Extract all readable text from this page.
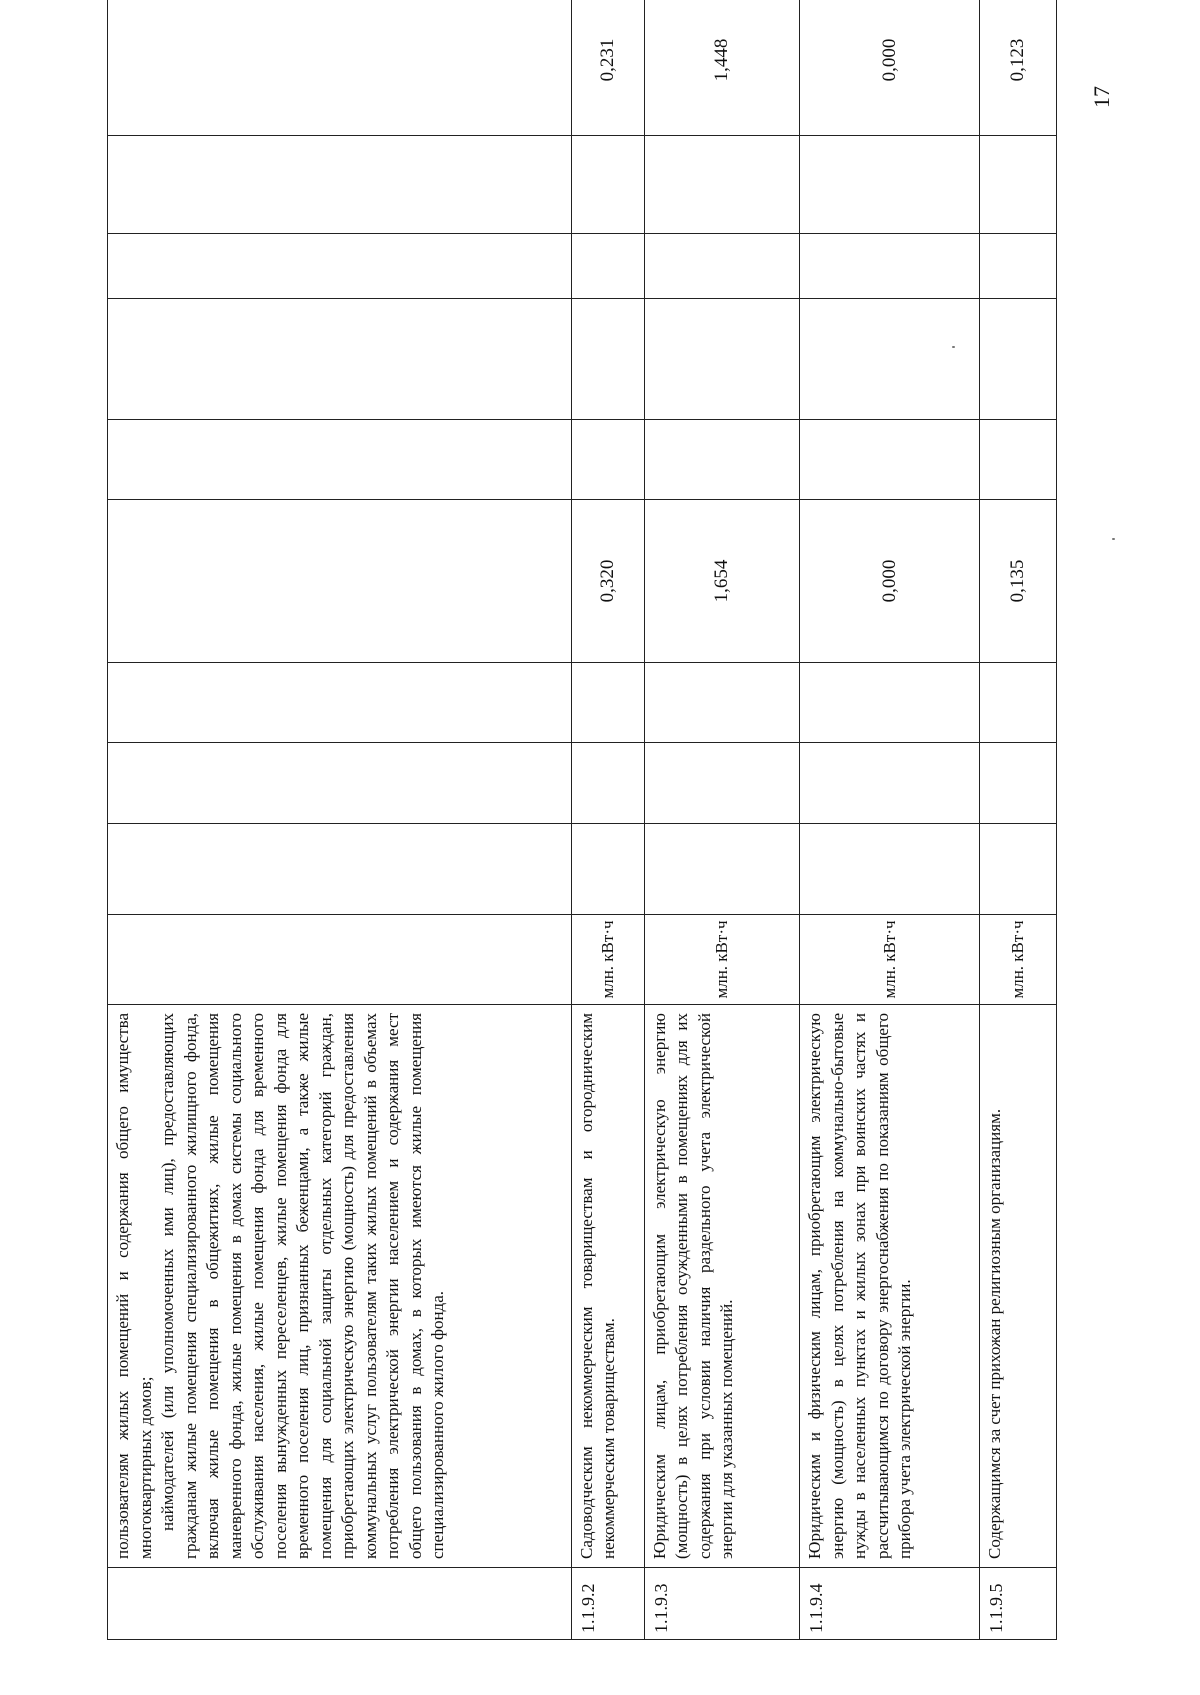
17

	пользователям жилых помещений и содержания общего имущества многоквартирных домов; наймодателей (или уполномоченных ими лиц), предоставляющих гражданам жилые помещения специализированного жилищного фонда, включая жилые помещения в общежитиях, жилые помещения маневренного фонда, жилые помещения в домах системы социального обслуживания населения, жилые помещения фонда для временного поселения вынужденных переселенцев, жилые помещения фонда для временного поселения лиц, признанных беженцами, а также жилые помещения для социальной защиты отдельных категорий граждан, приобретающих электрическую энергию (мощность) для предоставления коммунальных услуг пользователям таких жилых помещений в объемах потребления электрической энергии населением и содержания мест общего пользования в домах, в которых имеются жилые помещения специализированного жилого фонда.										

1.1.9.2	Садоводческим некоммерческим товариществам и огородническим некоммерческим товариществам.	млн. кВт·ч				0,320					0,231
1.1.9.3	Юридическим лицам, приобретающим электрическую энергию (мощность) в целях потребления осужденными в помещениях для их содержания при условии наличия раздельного учета электрической энергии для указанных помещений.	млн. кВт·ч				1,654					1,448
1.1.9.4	Юридическим и физическим лицам, приобретающим электрическую энергию (мощность) в целях потребления на коммунально-бытовые нужды в населенных пунктах и жилых зонах при воинских частях и рассчитывающимся по договору энергоснабжения по показаниям общего прибора учета электрической энергии.	млн. кВт·ч				0,000					0,000
1.1.9.5	Содержащимся за счет прихожан религиозным организациям.	млн. кВт·ч				0,135					0,123
